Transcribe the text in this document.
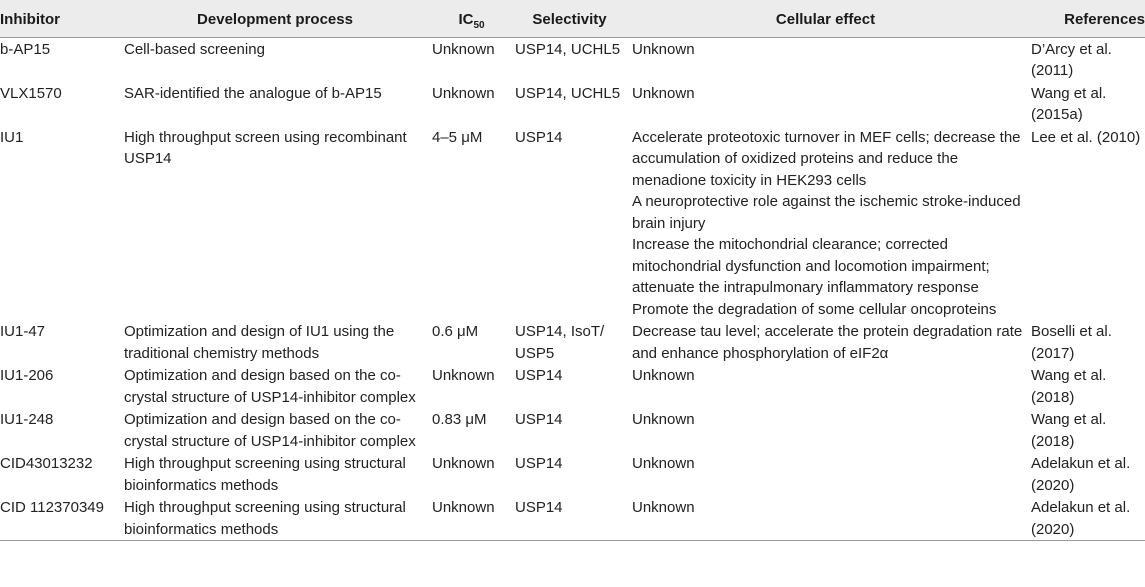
Inhibitor	Development process	$IC_{50}$	Selectivity	Cellular effect	References
b-AP15	Cell-based screening	Unknown	USP14, UCHL5	Unknown	D’Arcy et al. (2011)
VLX1570	SAR-identified the analogue of b-AP15	Unknown	USP14, UCHL5	Unknown	Wang et al. (2015a)
IU1	High throughput screen using recombinant USP14	4–5 μM	USP14	Accelerate proteotoxic turnover in MEF cells; decrease the accumulation of oxidized proteins and reduce the menadione toxicity in HEK293 cells
A neuroprotective role against the ischemic stroke-induced brain injury
Increase the mitochondrial clearance; corrected mitochondrial dysfunction and locomotion impairment; attenuate the intrapulmonary inflammatory response
Promote the degradation of some cellular oncoproteins	Lee et al. (2010)
IU1-47	Optimization and design of IU1 using the traditional chemistry methods	0.6 μM	USP14, IsoT/ USP5	Decrease tau level; accelerate the protein degradation rate and enhance phosphorylation of eIF2α	Boselli et al. (2017)
IU1-206	Optimization and design based on the co-crystal structure of USP14-inhibitor complex	Unknown	USP14	Unknown	Wang et al. (2018)
IU1-248	Optimization and design based on the co-crystal structure of USP14-inhibitor complex	0.83 μM	USP14	Unknown	Wang et al. (2018)
CID43013232	High throughput screening using structural bioinformatics methods	Unknown	USP14	Unknown	Adelakun et al. (2020)
CID 112370349	High throughput screening using structural bioinformatics methods	Unknown	USP14	Unknown	Adelakun et al. (2020)
